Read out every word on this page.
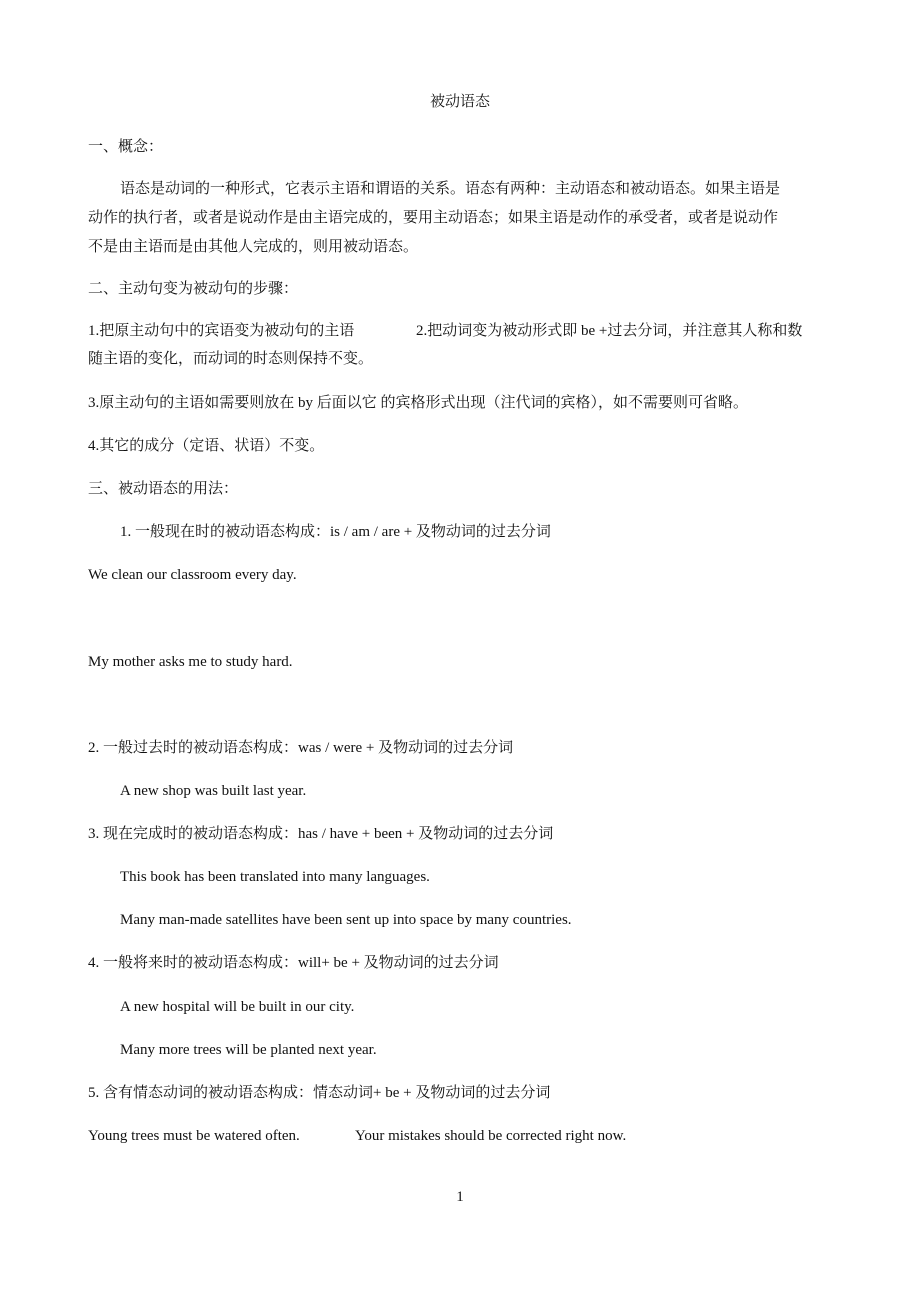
被动语态
一、概念：
语态是动词的一种形式，它表示主语和谓语的关系。语态有两种：主动语态和被动语态。如果主语是
动作的执行者，或者是说动作是由主语完成的，要用主动语态；如果主语是动作的承受者，或者是说动作
不是由主语而是由其他人完成的，则用被动语态。
二、主动句变为被动句的步骤：
1.把原主动句中的宾语变为被动句的主语	2.把动词变为被动形式即 be +过去分词，并注意其人称和数
随主语的变化，而动词的时态则保持不变。
3.原主动句的主语如需要则放在 by 后面以它 的宾格形式出现（注代词的宾格），如不需要则可省略。
4.其它的成分（定语、状语）不变。
三、被动语态的用法：
1. 一般现在时的被动语态构成：is / am / are + 及物动词的过去分词
We clean our classroom every day.
My mother asks me to study hard.
2. 一般过去时的被动语态构成：was / were + 及物动词的过去分词
A new shop was built last year.
3. 现在完成时的被动语态构成：has / have + been + 及物动词的过去分词
This book has been translated into many languages.
Many man-made satellites have been sent up into space by many countries.
4. 一般将来时的被动语态构成：will+ be + 及物动词的过去分词
A new hospital will be built in our city.
Many more trees will be planted next year.
5. 含有情态动词的被动语态构成：情态动词+ be + 及物动词的过去分词
Young trees must be watered often.	Your mistakes should be corrected right now.
1
